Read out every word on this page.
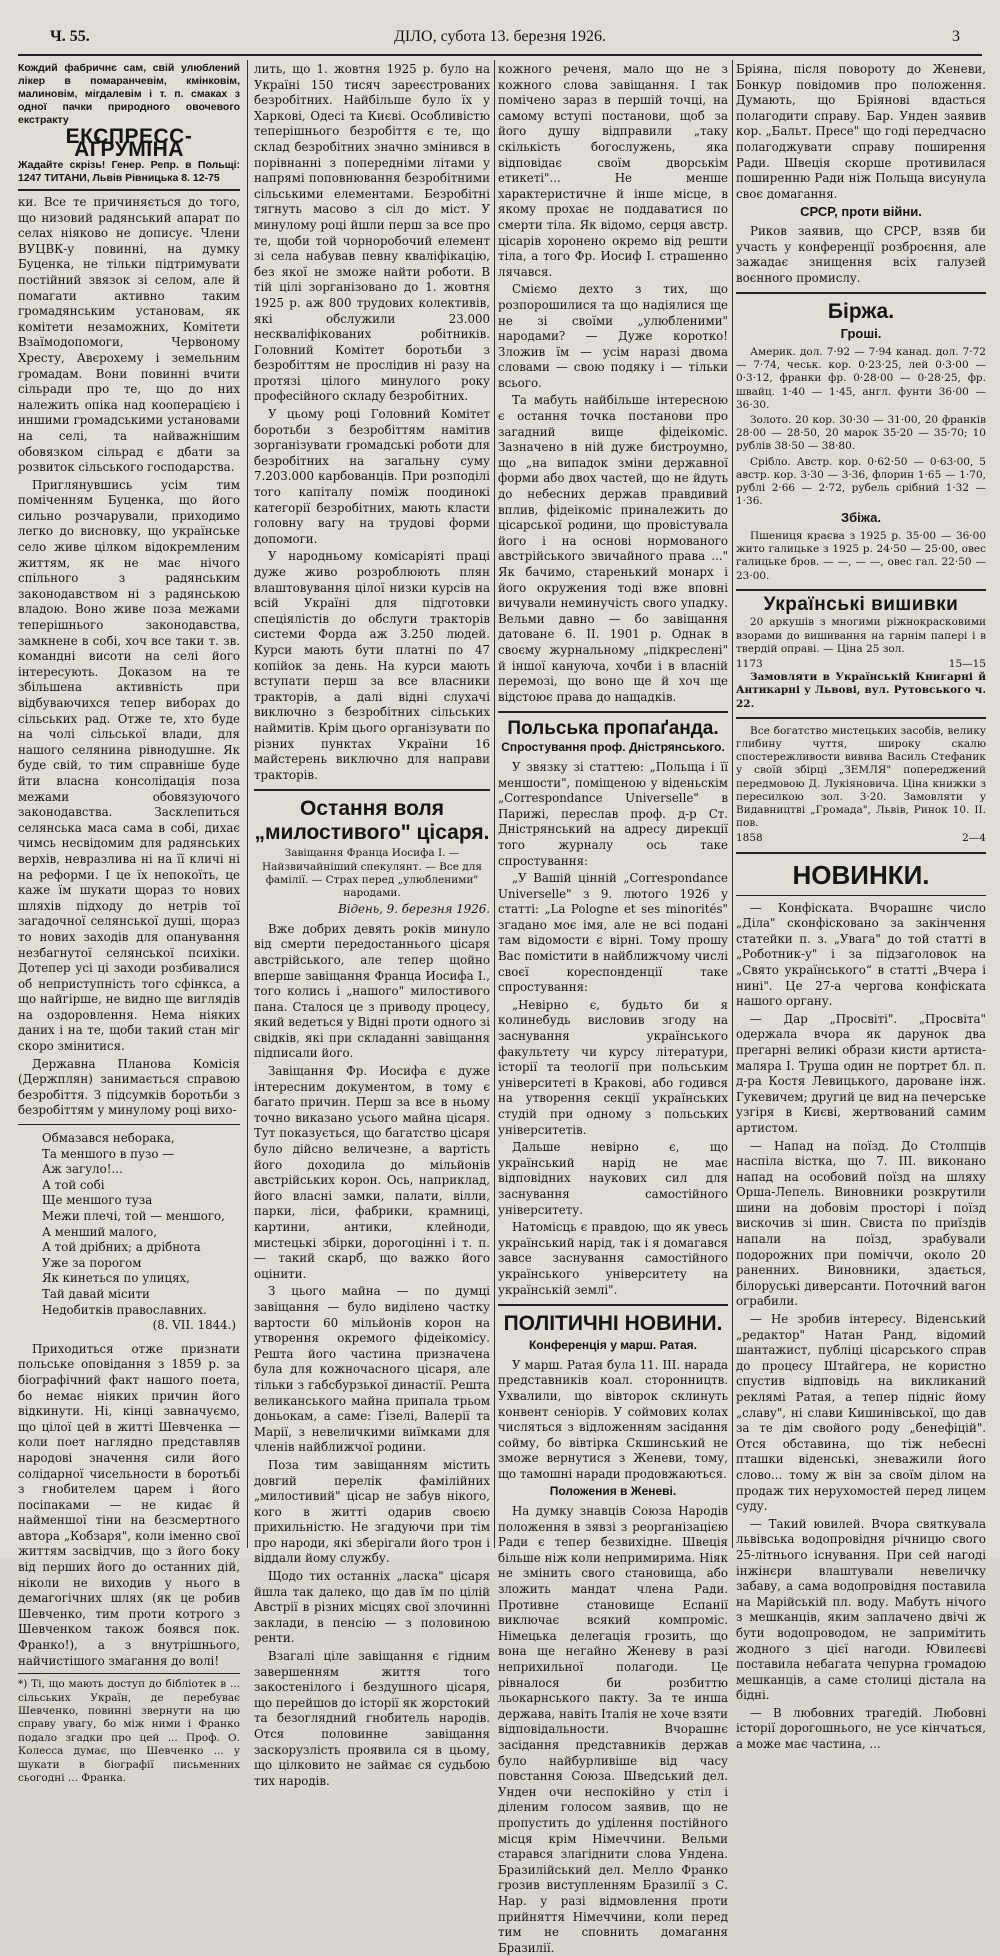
Ч. 55.	ДІЛО, субота 13. березня 1926.	3
Кождий фабричнє сам, свій улюблений лікер в помаранчевім, кмінковім, малиновім, мігдалевім і т. п. смаках з одної пачки природного овочевого екстракту
ЕКСПРЕСС-АҐРУМІНА
Жадайте скрізь! Генер. Репр. в Польщі: 1247 ТИТАНИ, Львів Рівницька 8. 12-75

ки. Все те причиняється до того, що низовий радянський апарат по селах ніяково не дописує. Члени ВУЦВК-у повинні, на думку Буценка, не тільки підтримувати постійний звязок зі селом, але й помагати активно таким громадянським установам, як комітети незаможних, Комітети Взаїмодопомоги, Червоному Хресту, Авєрохему і земельним громадам. Вони повинні вчити сільради про те, що до них належить опіка над кооперацією і иншими громадськими установами на селі, та найважнішим обовязком сільрад є дбати за розвиток сільського господарства.

Приглянувшись усім тим поміченням Буценка, що його сильно розчарували, приходимо легко до висновку, що українське село живе цілком відокремленим життям, як не має нічого спільного з радянським законодавством ні з радянською владою. Воно живе поза межами теперішнього законодавства, замкнене в собі, хоч все таки т. зв. командні висоти на селі його інтересують. Доказом на те збільшена активність при відбуваючихся тепер виборах до сільських рад. Отже те, хто буде на чолі сільської влади, для нашого селянина рівнодушне. Як буде свій, то тим справніше буде йти власна консолідація поза межами обовязуючого законодавства. Засклепиться селянська маса сама в собі, дихає чимсь несвідомим для радянських верхів, невразлива ні на її кличі ні на реформи. І це їх непокоїть, це каже їм шукати щораз то нових шляхів підходу до нетрів тої загадочної селянської душі, щораз то нових заходів для опанування незбагнутої селянської психіки. Дотепер усі ці заходи розбивалися об неприступність того сфінкса, а що найгірше, не видно ще виглядів на оздоровлення. Нема ніяких даних і на те, щоби такий стан міг скоро змінитися.

Державна Планова Комісія (Держплян) занимається справою безробіття. З підсумків боротьби з безробіттям у минулому році вихо-

Обмазався неборака,
Та меншого в пузо —
Аж загуло!...
А той собі
Ще меншого туза
Межи плечі, той — меншого,
А менший малого,
А той дрібних; а дрібнота
Уже за порогом
Як кинеться по улицях,
Тай давай місити
Недобитків православних.
(8. VII. 1844.)

Приходиться отже признати польське оповідання з 1859 р. за біографічний факт нашого поета, бо немає ніяких причин його відкинути. Ні, кінці завначуємо, що цілої цей в житті Шевченка — коли поет наглядно представляв народові значення сили його солідарної чисельности в боротьбі з гнобителем царем і його посіпаками — не кидає й найменшої тіни на безсмертного автора „Кобзаря", коли іменно свої життям засвідчив, що з його боку від перших його до останних дій, ніколи не виходив у нього в демагогічних шлях (як це робив Шевченко, тим проти котрого з Шевченком також боявся пок. Франко!), а з внутрішнього, найчистішого змагання до волі!

*) Ті, що мають доступ до бібліотек в ... сільських Україн, де перебуває Шевченко, повинні звернути на цю справу увагу, бо між ними і Франко подало згадки про цей ... Проф. О. Колесса думає, що Шевченко ... у шукати в біографії письменних сьогодні ... Франка.

лить, що 1. жовтня 1925 р. було на Україні 150 тисяч зареєстрованих безробітних. Найбільше було їх у Харкові, Одесі та Києві. Особливістю теперішнього безробіття є те, що склад безробітних значно змінився в порівнанні з попередніми літами у напрямі поповнювання безробітними сільськими елементами. Безробітні тягнуть масово з сіл до міст. У минулому році йшли перш за все про те, щоби той чорноробочий елемент зі села набував певну кваліфікацію, без якої не зможе найти роботи. В тій цілі зорганізовано до 1. жовтня 1925 р. аж 800 трудових колективів, які обслужили 23.000 нескваліфікованих робітників. Головний Комітет боротьби з безробіттям не прослідив ні разу на протязі цілого минулого року професійного складу безробітних.

У цьому році Головний Комітет боротьби з безробіттям намітив зорганізувати громадські роботи для безробітних на загальну суму 7.203.000 карбованців. При розподілі того капіталу поміж поодинокі категорії безробітних, мають класти головну вагу на трудові форми допомоги.

У народньому комісаріяті праці дуже живо розроблюють плян влаштовування цілої низки курсів на всій Україні для підготовки спеціялістів до обслуги тракторів системи Форда аж 3.250 людей. Курси мають бути платні по 47 копійок за день. На курси мають вступати перш за все власники тракторів, а далі відні слухачі виключно з безробітних сільських наймитів. Крім цього організувати по різних пунктах України 16 майстерень виключно для направи тракторів.

Остання воля „милостивого" цісаря.
Завіщання Франца Иосифа І. — Найзвичайніший спекулянт. — Все для фамілії. — Страх перед „улюбленими" народами.
Відень, 9. березня 1926.

Вже добрих девять років минуло від смерти передостаннього цісаря австрійського, але тепер щойно вперше завіщання Франца Иосифа І., того колись і „нашого" милостивого пана. Сталося це з приводу процесу, який ведеться у Відні проти одного зі свідків, які при складанні завіщання підписали його.

Завіщання Фр. Иосифа є дуже інтересним документом, в тому є багато причин. Перш за все в ньому точно виказано усього майна цісаря. Тут показується, що багатство цісаря було дійсно величезне, а вартість його доходила до мільйонів австрійських корон. Ось, наприклад, його власні замки, палати, вілли, парки, ліси, фабрики, крамниці, картини, антики, клейноди, мистецькі збірки, дорогоцінні і т. п. — такий скарб, що важко його оцінити.

З цього майна — по думці завіщання — було виділено частку вартости 60 мільйонів корон на утворення окремого фідеікомісу. Решта його частина призначена була для кожночасного цісаря, але тільки з габсбурзької династії. Решта великанського майна припала трьом доньокам, а саме: Ґізелі, Валерії та Марії, з невеличкими виїмками для членів найближчої родини.

Поза тим завіщанням містить довгий перелік фамілійних „милостивий" цісар не забув нікого, кого в житті одарив своєю прихильністю. Не згадуючи при тім про народи, які зберігали його трон і віддали йому службу.

Щодо тих останніх „ласка" цісаря йшла так далеко, що дав їм по цілій Австрії в різних місцях свої злочинні заклади, в пенсію — з половиною ренти.

Взагалі ціле завіщання є гідним завершенням життя того закостенілого і бездушного цісаря, що перейшов до історії як жорстокий та безоглядний гнобитель народів. Отся половинне завіщання заскорузлість проявила ся в цьому, що цілковито не займає ся судьбою тих народів.

кожного реченя, мало що не з кожного слова завіщання. І так помічено зараз в першій точці, на самому вступі постанови, щоб за його душу відправили „таку скількість богослужень, яка відповідає своїм дворськім етикеті"... Не менше характеристичне й інше місце, в якому прохає не поддаватися по смерти тіла. Як відомо, серця австр. цісарів хоронено окремо від решти тіла, а того Фр. Иосиф І. страшенно лячався.

Сміємо дехто з тих, що розпорошилися та що надіялися ще не зі своїми „улюбленими" народами? — Дуже коротко! Зложив їм — усім наразі двома словами — свою подяку і — тільки всього.

Та мабуть найбільше інтересною є остання точка постанови про загадний вище фідеікоміс. Зазначено в ній дуже бистроумно, що „на випадок зміни державної форми або двох частей, що не йдуть до небесних держав правдивий вплив, фідеікоміс приналежить до цісарської родини, що провістувала його і на основі нормованого австрійського звичайного права ..." Як бачимо, старенький монарх і його окружения тоді вже вповні вичували неминучість свого упадку. Вельми давно — бо завіщання датоване 6. ІІ. 1901 р. Однак в своєму журнальному „підкреслені" й іншої кануюча, хочби і в власній перемозі, що воно ще й хоч ще відстоює права до нащадків.

Польська пропаґанда.
Спростування проф. Дністрянського.

У звязку зі статтею: „Польща і її меншости", поміщеною у віденьскім „Correspondance Universelle" в Парижі, переслав проф. д-р Ст. Дністрянський на адресу дирекції того журналу ось таке спростування:

„У Вашій цінній „Correspondance Universelle" з 9. лютого 1926 у статті: „La Pologne et ses minorités" згадано моє імя, але не всі подані там відомости є вірні. Тому прошу Вас помістити в найближчому числі своєї кореспонденції таке спростування:

„Невірно є, будьто би я колинебудь висловив згоду на заснування українського факультету чи курсу літератури, історії та теології при польським університеті в Кракові, або годився на утворення секції українських студій при одному з польських університетів.

Дальше невірно є, що український нарід не має відповідних наукових сил для заснування самостійного університету.

Натомісць є правдою, що як увесь український нарід, так і я домагався завсе заснування самостійного українського університету на українській землі".

ПОЛІТИЧНІ НОВИНИ.
Конференція у марш. Ратая.

У марш. Ратая була 11. ІІІ. нарада представників коал. сторонництв. Ухвалили, що вівторок склинуть конвент сеніорів. У соймових колах числяться з відложенням засідання сойму, бо вівтірка Скшинський не зможе вернутися з Женеви, тому, що тамошні наради продовжаються.

Положения в Женеві.

На думку знавців Союза Народів положення в зявзі з реорганізацією Ради є тепер безвихідне. Швеція більше ніж коли непримирима. Ніяк не змінить свого становища, або зложить мандат члена Ради. Противне становище Еспанії виключає всякий компроміс. Німецька делегація грозить, що вона ще негайно Женеву в разі неприхильної полагоди. Це рівналося би розбиттю льокарнського пакту. За те инша держава, навіть Італія не хоче взяти відповідальности. Вчорашнє засідання представників держав було найбурливіше від часу повстання Союза. Шведський дел. Унден очи неспокійно у стіл і діленим голосом заявив, що не пропустить до уділення постійного місця крім Німеччини. Вельми старався злагіднити слова Ундена. Бразилійський дел. Мелло Франко грозив виступленням Бразилії з С. Нар. у разі відмовлення проти прийняття Німеччини, коли перед тим не сповнить домагання Бразилії.

Бріяна, після повороту до Женеви, Бонкур повідомив про положення. Думають, що Бріянові вдасться полагодити справу. Бар. Унден заявив кор. „Бальт. Пресе" що годі передчасно полагоджувати справу поширення Ради. Швеція скорше противилася поширенню Ради ніж Польща висунула своє домагання.

СРСР, проти війни.

Риков заявив, що СРСР, взяв би участь у конференції розброєння, але зажадає знищення всіх галузей воєнного промислу.

Біржа.
Гроші.

Америк. дол. 7·92 — 7·94 канад. дол. 7·72 — 7·74, чеськ. кор. 0·23·25, лей 0·3·00 — 0·3·12, франки фр. 0·28·00 — 0·28·25, фр. швайц. 1·40 — 1·45, англ. фунти 36·00 — 36·30.

Золото. 20 кор. 30·30 — 31·00, 20 франків 28·00 — 28·50, 20 марок 35·20 — 35·70; 10 рублів 38·50 — 38·80.

Срібло. Австр. кор. 0·62·50 — 0·63·00, 5 австр. кор. 3·30 — 3·36, флорин 1·65 — 1·70, рублі 2·66 — 2·72, рубель срібний 1·32 — 1·36.

Збіжа.

Пшениця краєва з 1925 р. 35·00 — 36·00 жито галицьке з 1925 р. 24·50 — 25·00, овес галицьке бров. — —, — —, овес гал. 22·50 — 23·00.

Українські вишивки

20 аркушів з многими ріжнокраскoвими взорами до вишивання на гарнім папері і в твердій оправі. — Ціна 25 зол.

1173	15—15

Замовляти в Українській Книгарні й Антикарні у Львові, вул. Рутовського ч. 22.

Все богатство мистецьких засобів, велику глибину чуття, широку скалю спостережливости вивива Василь Стефаник у своїй збірці „ЗЕМЛЯ" попереджений передмовою Д. Лукіяновича. Ціна книжки з пересилкою зол. 3·20. Замовляти у Видавництві „Громада", Львів, Ринок 10. II. пов.

1858	2—4
НОВИНКИ.

— Конфіската. Вчорашнє число „Діла" сконфісковано за закінчення статейки п. з. „Увага" до той статті в „Роботник-у" і за підзаголовок на „Свято українського“ в статті „Вчера і нині". Це 27-а чергова конфіската нашого органу.

— Дар „Просвіті". „Просвіта" одержала вчора як дарунок два прегарні великі образи кисти артиста-маляра І. Труша один не портрет бл. п. д-ра Костя Левицького, дароване інж. Гукевичем; другий це вид на печерське узгіря в Києві, жертвований самим артистом.

— Напад на поїзд. До Столпців наспіла вістка, що 7. ІІІ. виконано напад на особовий поїзд на шляху Орша-Лепель. Виновники розкрутили шини на добовім просторі і поїзд вискочив зі шин. Свиста по приїздів напали на поїзд, зрабували подорожних при поміччи, около 20 раненних. Виновники, здається, білоруські диверсанти. Поточний вагон ограбили.

— Не зробив інтересу. Віденський „редактор" Натан Ранд, відомий шантажист, публіці цісарського справ до процесу Штайгера, не користно спустив відповідь на викликаний реклямі Ратая, а тепер підніс йому „славу", ні слави Кишинівської, що дав за те дім свойого роду „бенефіцій". Отся обставина, що тіж небесні пташки віденські, зневажили його слово... тому ж він за своїм ділом на продаж тих нерухомостей перед лицем суду.

— Такий ювилей. Вчора святкувала львівська водопровідня річницю свого 25-літнього існування. При сей нагоді інжінєри влаштували невеличку забаву, а сама водопровідня поставила на Марійській пл. воду. Мабуть нічого з мешканців, яким заплачено двічі ж бути водопроводом, не запримітить жодного з цієї нагоди. Ювилеєві поставила небагата чепурна громадою мешканців, а саме столиці дістала на бідні.

— В любовних трагедій. Любовні історії дорогошнього, не усе кінчаться, а може має частина, ...
